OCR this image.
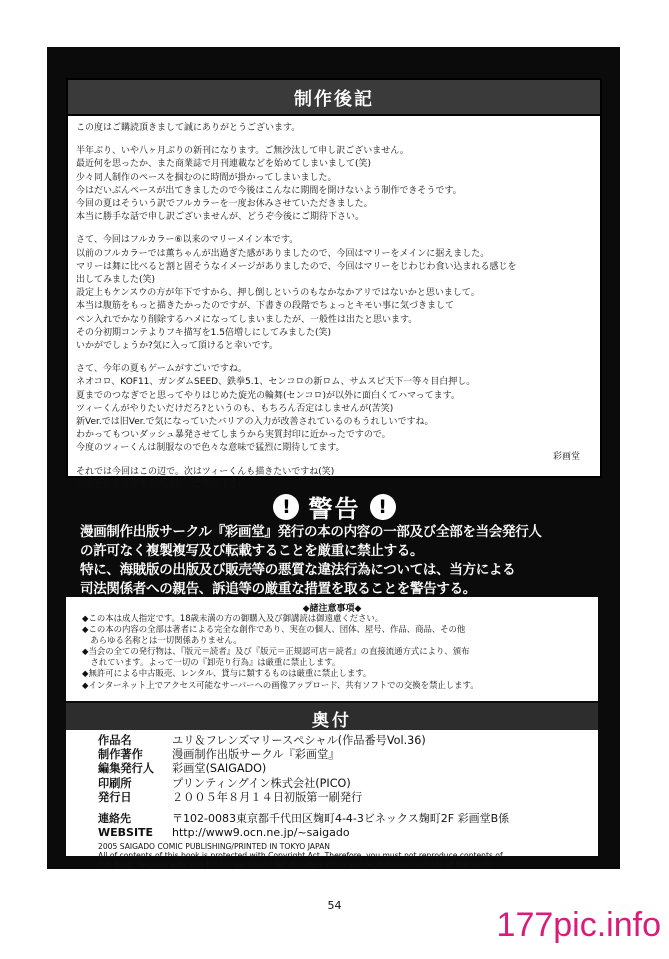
制作後記

この度はご購読頂きまして誠にありがとうございます。

半年ぶり、いや八ヶ月ぶりの新刊になります。ご無沙汰して申し訳ございません。
最近何を思ったか、また商業誌で月刊連載などを始めてしまいまして(笑)
少々同人制作のペースを掴むのに時間が掛かってしまいました。
今はだいぶんペースが出てきましたので今後はこんなに期間を開けないよう制作できそうです。
今回の夏はそういう訳でフルカラーを一度お休みさせていただきました。
本当に勝手な話で申し訳ございませんが、どうぞ今後にご期待下さい。

さて、今回はフルカラー⑥以来のマリーメイン本です。
以前のフルカラーでは薫ちゃんが出過ぎた感がありましたので、今回はマリーをメインに据えました。
マリーは舞に比べると割と固そうなイメージがありましたので、今回はマリーをじわじわ食い込まれる感じを
出してみました(笑)
設定上もケンスウの方が年下ですから、押し倒しというのもなかなかアリではないかと思いまして。
本当は腹筋をもっと描きたかったのですが、下書きの段階でちょっとキモい事に気づきまして
ペン入れでかなり削除するハメになってしまいましたが、一般性は出たと思います。
その分初期コンテよりフキ描写を1.5倍増しにしてみました(笑)
いかがでしょうか?気に入って頂けると幸いです。

さて、今年の夏もゲームがすごいですね。
ネオコロ、KOF11、ガンダムSEED、鉄拳5.1、センコロの新ロム、サムスピ天下一等々目白押し。
夏までのつなぎでと思ってやりはじめた旋光の輪舞(センコロ)が以外に面白くてハマってます。
ツィーくんがやりたいだけだろ?というのも、もちろん否定はしませんが(苦笑)
新Ver.では旧Ver.で気になっていたバリアの入力が改善されているのもうれしいですね。
わかってもついダッシュ暴発させてしまうから実質封印に近かったですので。
今度のツィーくんは制服なので色々な意味で猛烈に期待してます。

それでは今回はこの辺で。次はツィーくんも描きたいですね(笑)
今後ともどうぞ当会の活動にご期待下さい。

彩画堂
! 警告 !
漫画制作出版サークル『彩画堂』発行の本の内容の一部及び全部を当会発行人
の許可なく複製複写及び転載することを厳重に禁止する。
特に、海賊版の出版及び販売等の悪質な違法行為については、当方による
司法関係者への親告、訴追等の厳重な措置を取ることを警告する。
◆諸注意事項◆
◆この本は成人指定です。18歳未満の方の御購入及び御講読は御遠慮ください。
◆この本の内容の全部は著者による完全な創作であり、実在の個人、団体、屋号、作品、商品、その他
　あらゆる名称とは一切関係ありません。
◆当会の全ての発行物は、『版元＝読者』及び『版元＝正規認可店＝読者』の直接流通方式により、頒布
　されています。よって一切の『卸売り行為』は厳重に禁止します。
◆無許可による中古販売、レンタル、貸与に類するものは厳重に禁止します。
◆インターネット上でアクセス可能なサーバーへの画像アップロード、共有ソフトでの交換を禁止します。
奥付
作品名	ユリ＆フレンズマリースペシャル(作品番号Vol.36)
制作著作	漫画制作出版サークル『彩画堂』
編集発行人	彩画堂(SAIGADO)
印刷所	プリンティングイン株式会社(PICO)
発行日	２００５年８月１４日初版第一刷発行
連絡先	〒102-0083東京都千代田区麹町4-4-3ビネックス麹町2F 彩画堂B係
WEBSITE	http://www9.ocn.ne.jp/~saigado
2005 SAIGADO COMIC PUBLISHING/PRINTED IN TOKYO JAPAN
All of contents of this book is protected with Copyright Act. Therefore, you must not reproduce contents of
this book. Saigado asks you for compensation for damages when you reproduced contents of this book
54
177pic.info
